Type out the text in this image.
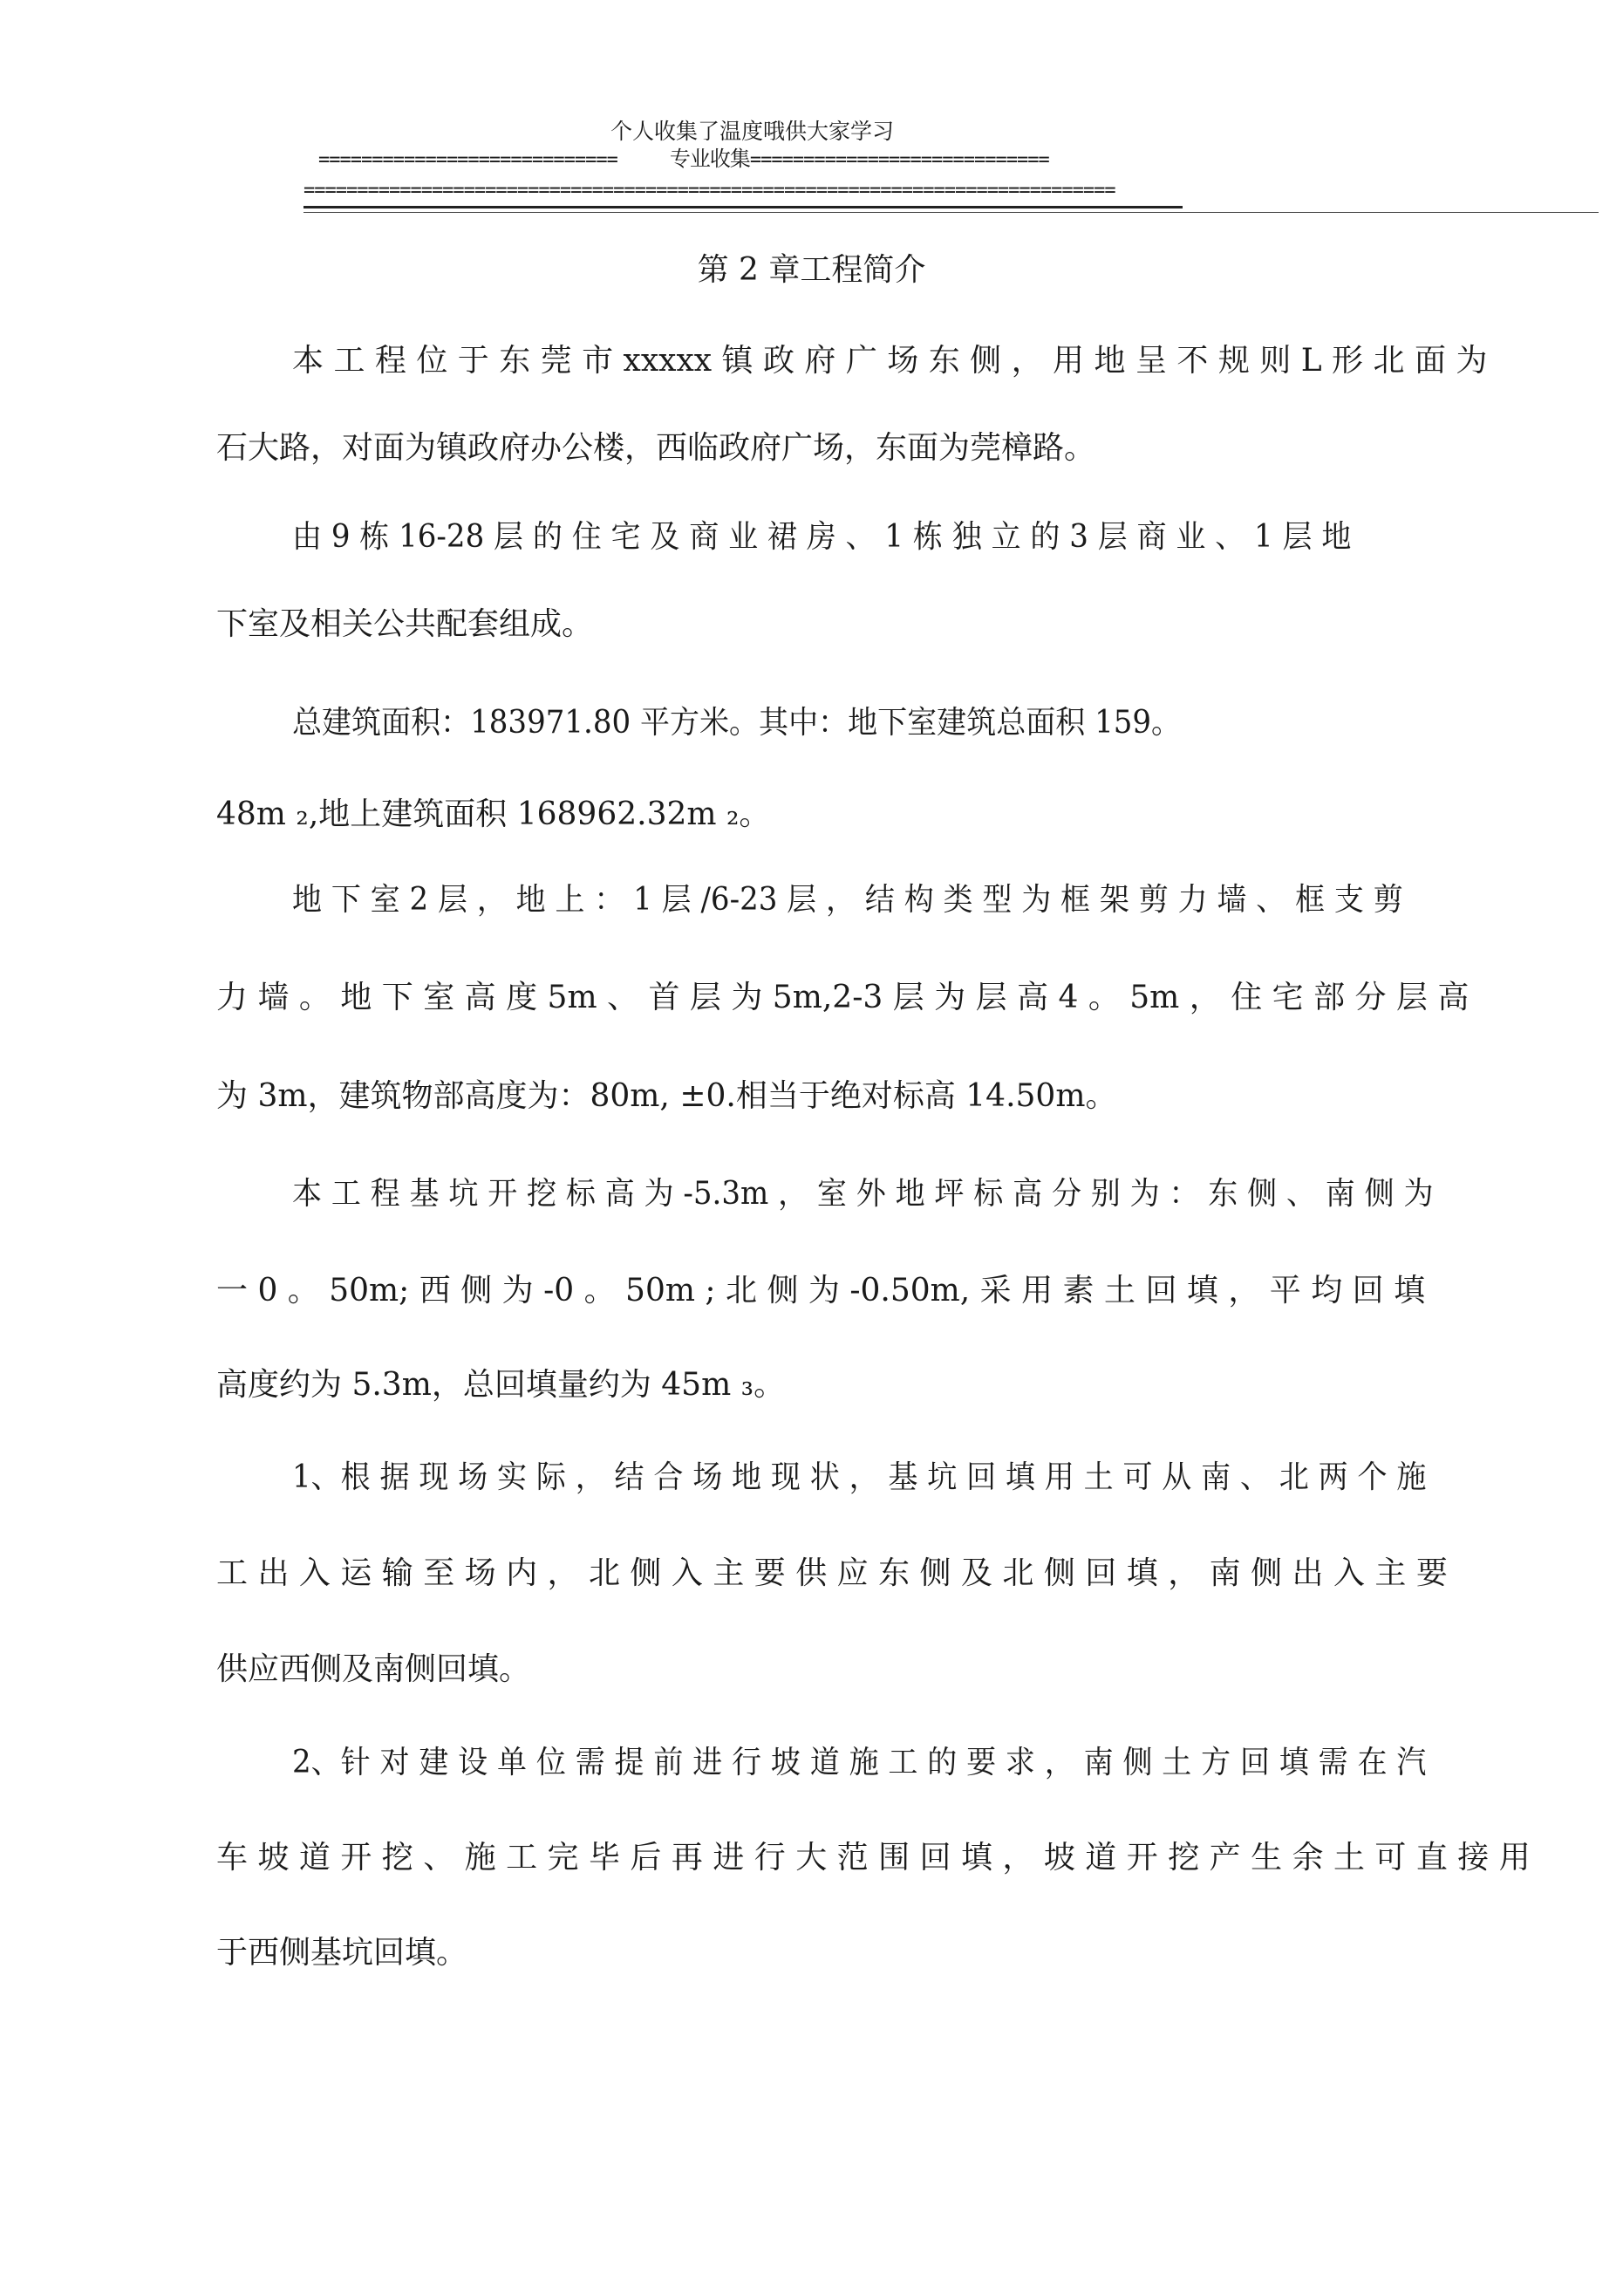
个人收集了温度哦供大家学习
============================	专业收集============================
============================================================================
第 2 章工程简介
本 工 程 位 于 东 莞 市 xxxxx 镇 政 府 广 场 东 侧 ， 用 地 呈 不 规 则 L 形 北 面 为
石大路，对面为镇政府办公楼，西临政府广场，东面为莞樟路。
由 9 栋 16-28 层 的 住 宅 及 商 业 裙 房 、 1 栋 独 立 的 3 层 商 业 、 1 层 地
下室及相关公共配套组成。
总建筑面积：183971.80 平方米。其中：地下室建筑总面积 159。
48m ₂,地上建筑面积 168962.32m ₂。
地 下 室 2 层 ， 地 上 ： 1 层 /6-23 层 ， 结 构 类 型 为 框 架 剪 力 墙 、 框 支 剪
力 墙 。 地 下 室 高 度 5m 、 首 层 为 5m,2-3 层 为 层 高 4 。 5m ， 住 宅 部 分 层 高
为 3m，建筑物部高度为：80m, ±0.相当于绝对标高 14.50m。
本 工 程 基 坑 开 挖 标 高 为 -5.3m ， 室 外 地 坪 标 高 分 别 为 ： 东 侧 、 南 侧 为
一 0 。 50m; 西 侧 为 -0 。 50m ; 北 侧 为 -0.50m, 采 用 素 土 回 填 ， 平 均 回 填
高度约为 5.3m，总回填量约为 45m ₃。
1、根 据 现 场 实 际 ， 结 合 场 地 现 状 ， 基 坑 回 填 用 土 可 从 南 、 北 两 个 施
工 出 入 运 输 至 场 内 ， 北 侧 入 主 要 供 应 东 侧 及 北 侧 回 填 ， 南 侧 出 入 主 要
供应西侧及南侧回填。
2、针 对 建 设 单 位 需 提 前 进 行 坡 道 施 工 的 要 求 ， 南 侧 土 方 回 填 需 在 汽
车 坡 道 开 挖 、 施 工 完 毕 后 再 进 行 大 范 围 回 填 ， 坡 道 开 挖 产 生 余 土 可 直 接 用
于西侧基坑回填。
